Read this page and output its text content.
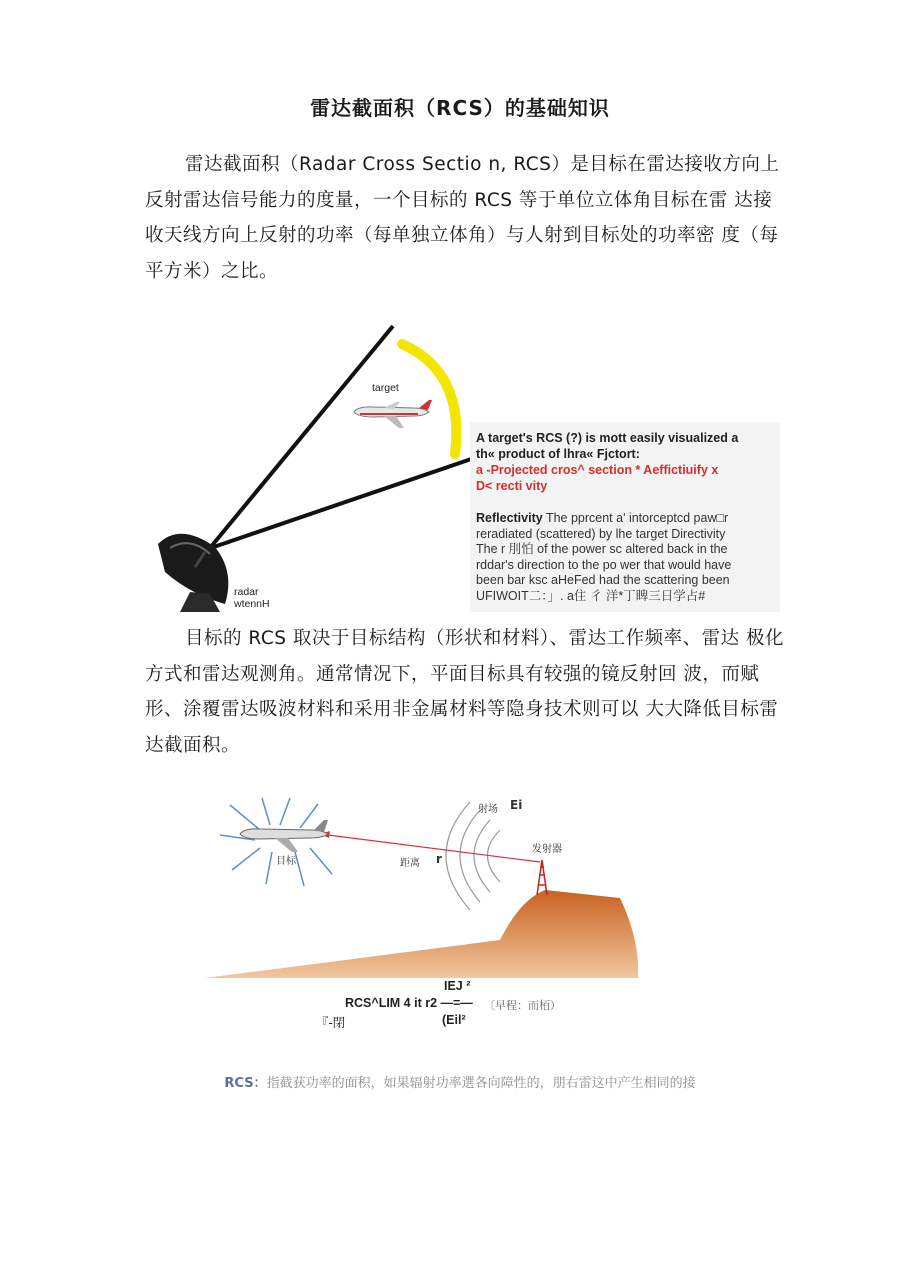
雷达截面积（RCS）的基础知识
雷达截面积（Radar Cross Sectio n, RCS）是目标在雷达接收方向上反射雷达信号能力的度量，一个目标的 RCS 等于单位立体角目标在雷 达接收天线方向上反射的功率（每单独立体角）与人射到目标处的功率密 度（每平方米）之比。
target
radar
wtennH
A target's RCS (?) is mott easily visualized a
th« product of lhra« Fjctort:
a -Projected cros^ section * Aeffictiuify x
D< recti vity
Reflectivity The pprcent a' intorceptcd paw□r
reradiated (scattered) by lhe target Directivity
The r 刖怕 of the power sc altered back in the
rddar's direction to the po wer that would have
been bar ksc aHeFed had the scattering been
UFIWOIT二：」. a住 彳 洋*丁睥三日学占#
目标的 RCS 取决于目标结构（形状和材料）、雷达工作频率、雷达 极化方式和雷达观测角。通常情况下，平面目标具有较强的镜反射回 波，而赋形、涂覆雷达吸波材料和采用非金属材料等隐身技术则可以 大大降低目标雷达截面积。
射场 Ei
发射器
目标	距离 r
IEJ ²
RCS^LIM 4 it r2 —=— 〔早程：而栢）
『-閉	(Eil²
RCS：指截获功率的面积，如果辐射功率選各向障性的，朋右雷这中产生相同的接
